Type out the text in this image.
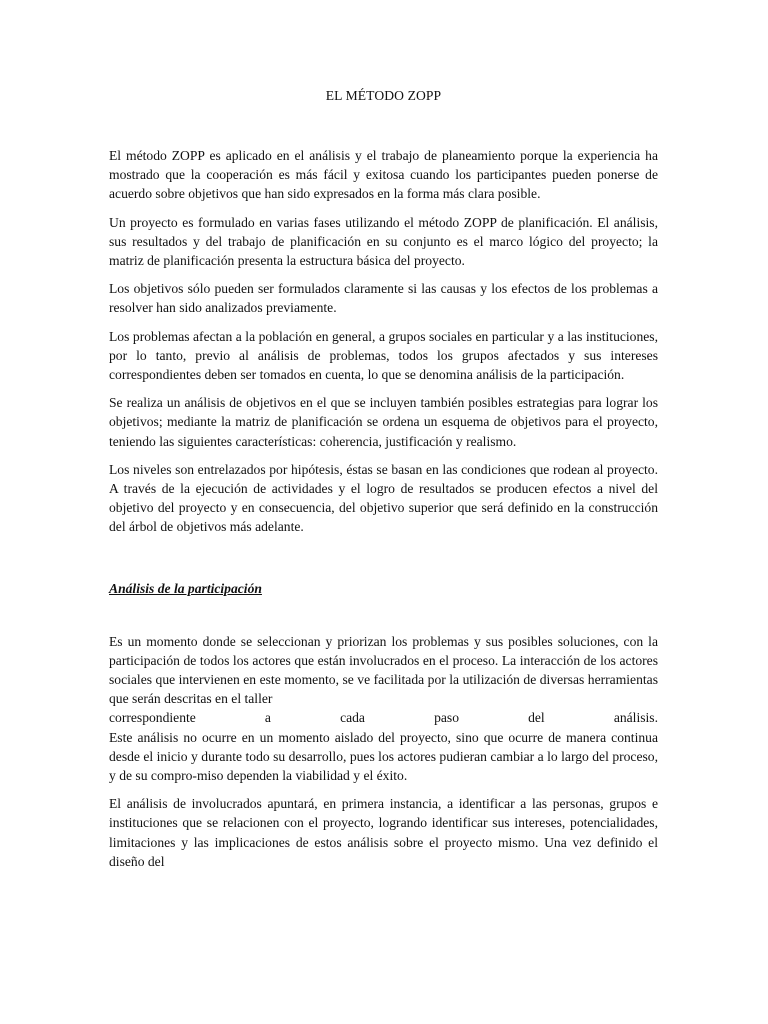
EL MÉTODO ZOPP

El método ZOPP es aplicado en el análisis y el trabajo de planeamiento porque la experiencia ha mostrado que la cooperación es más fácil y exitosa cuando los participantes pueden ponerse de acuerdo sobre objetivos que han sido expresados en la forma más clara posible.

Un proyecto es formulado en varias fases utilizando el método ZOPP de planificación. El análisis, sus resultados y del trabajo de planificación en su conjunto es el marco lógico del proyecto; la matriz de planificación presenta la estructura básica del proyecto.

Los objetivos sólo pueden ser formulados claramente si las causas y los efectos de los problemas a resolver han sido analizados previamente.

Los problemas afectan a la población en general, a grupos sociales en particular y a las instituciones, por lo tanto, previo al análisis de problemas, todos los grupos afectados y sus intereses correspondientes deben ser tomados en cuenta, lo que se denomina análisis de la participación.

Se realiza un análisis de objetivos en el que se incluyen también posibles estrategias para lograr los objetivos; mediante la matriz de planificación se ordena un esquema de objetivos para el proyecto, teniendo las siguientes características: coherencia, justificación y realismo.

Los niveles son entrelazados por hipótesis, éstas se basan en las condiciones que rodean al proyecto. A través de la ejecución de actividades y el logro de resultados se producen efectos a nivel del objetivo del proyecto y en consecuencia, del objetivo superior que será definido en la construcción del árbol de objetivos más adelante.

Análisis de la participación

Es un momento donde se seleccionan y priorizan los problemas y sus posibles soluciones, con la participación de todos los actores que están involucrados en el proceso. La interacción de los actores sociales que intervienen en este momento, se ve facilitada por la utilización de diversas herramientas que serán descritas en el taller

correspondiente a cada paso del análisis.

Este análisis no ocurre en un momento aislado del proyecto, sino que ocurre de manera continua desde el inicio y durante todo su desarrollo, pues los actores pudieran cambiar a lo largo del proceso, y de su compro-miso dependen la viabilidad y el éxito.

El análisis de involucrados apuntará, en primera instancia, a identificar a las personas, grupos e instituciones que se relacionen con el proyecto, logrando identificar sus intereses, potencialidades, limitaciones y las implicaciones de estos análisis sobre el proyecto mismo. Una vez definido el diseño del
